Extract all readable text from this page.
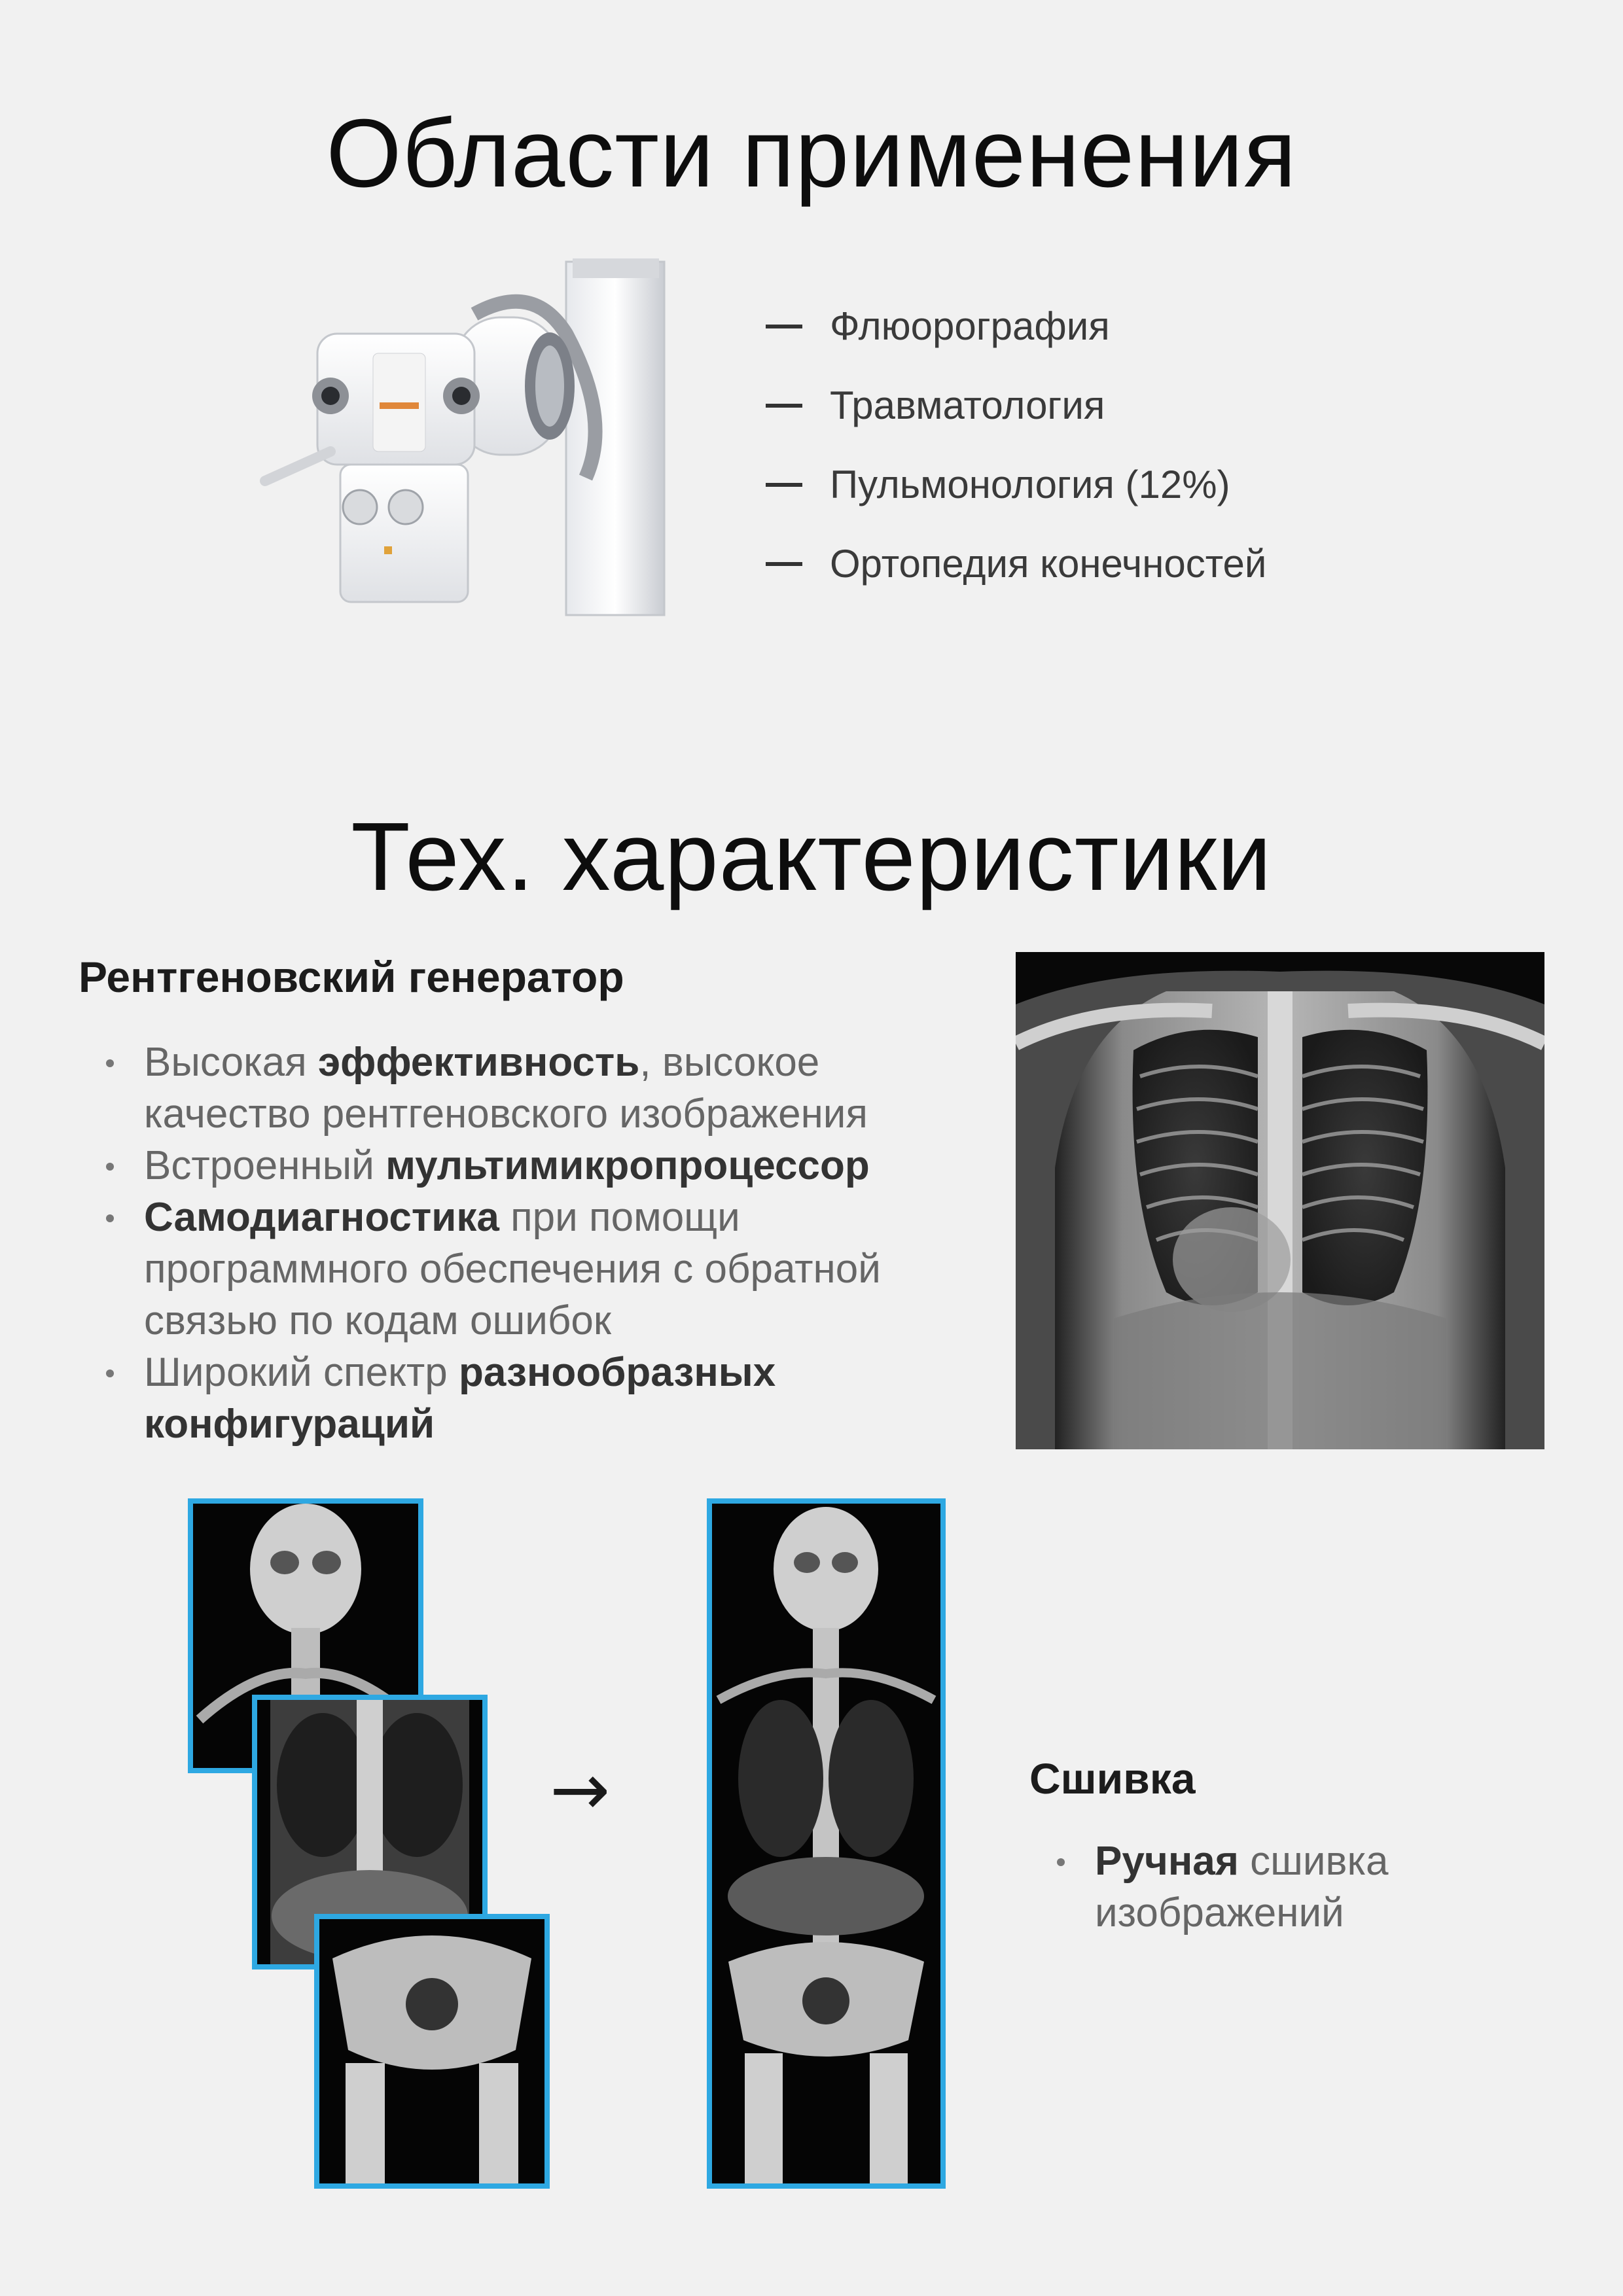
Области применения
Тех. характеристики
Флюорография
Травматология
Пульмонология (12%)
Ортопедия конечностей
Рентгеновский генератор
Высокая эффективность, высокое качество рентгеновского изображения
Встроенный мультимикропроцессор
Самодиагностика при помощи программного обеспечения с обратной связью по кодам ошибок
Широкий спектр разнообразных конфигураций
→	Сшивка
Ручная сшивка изображений
